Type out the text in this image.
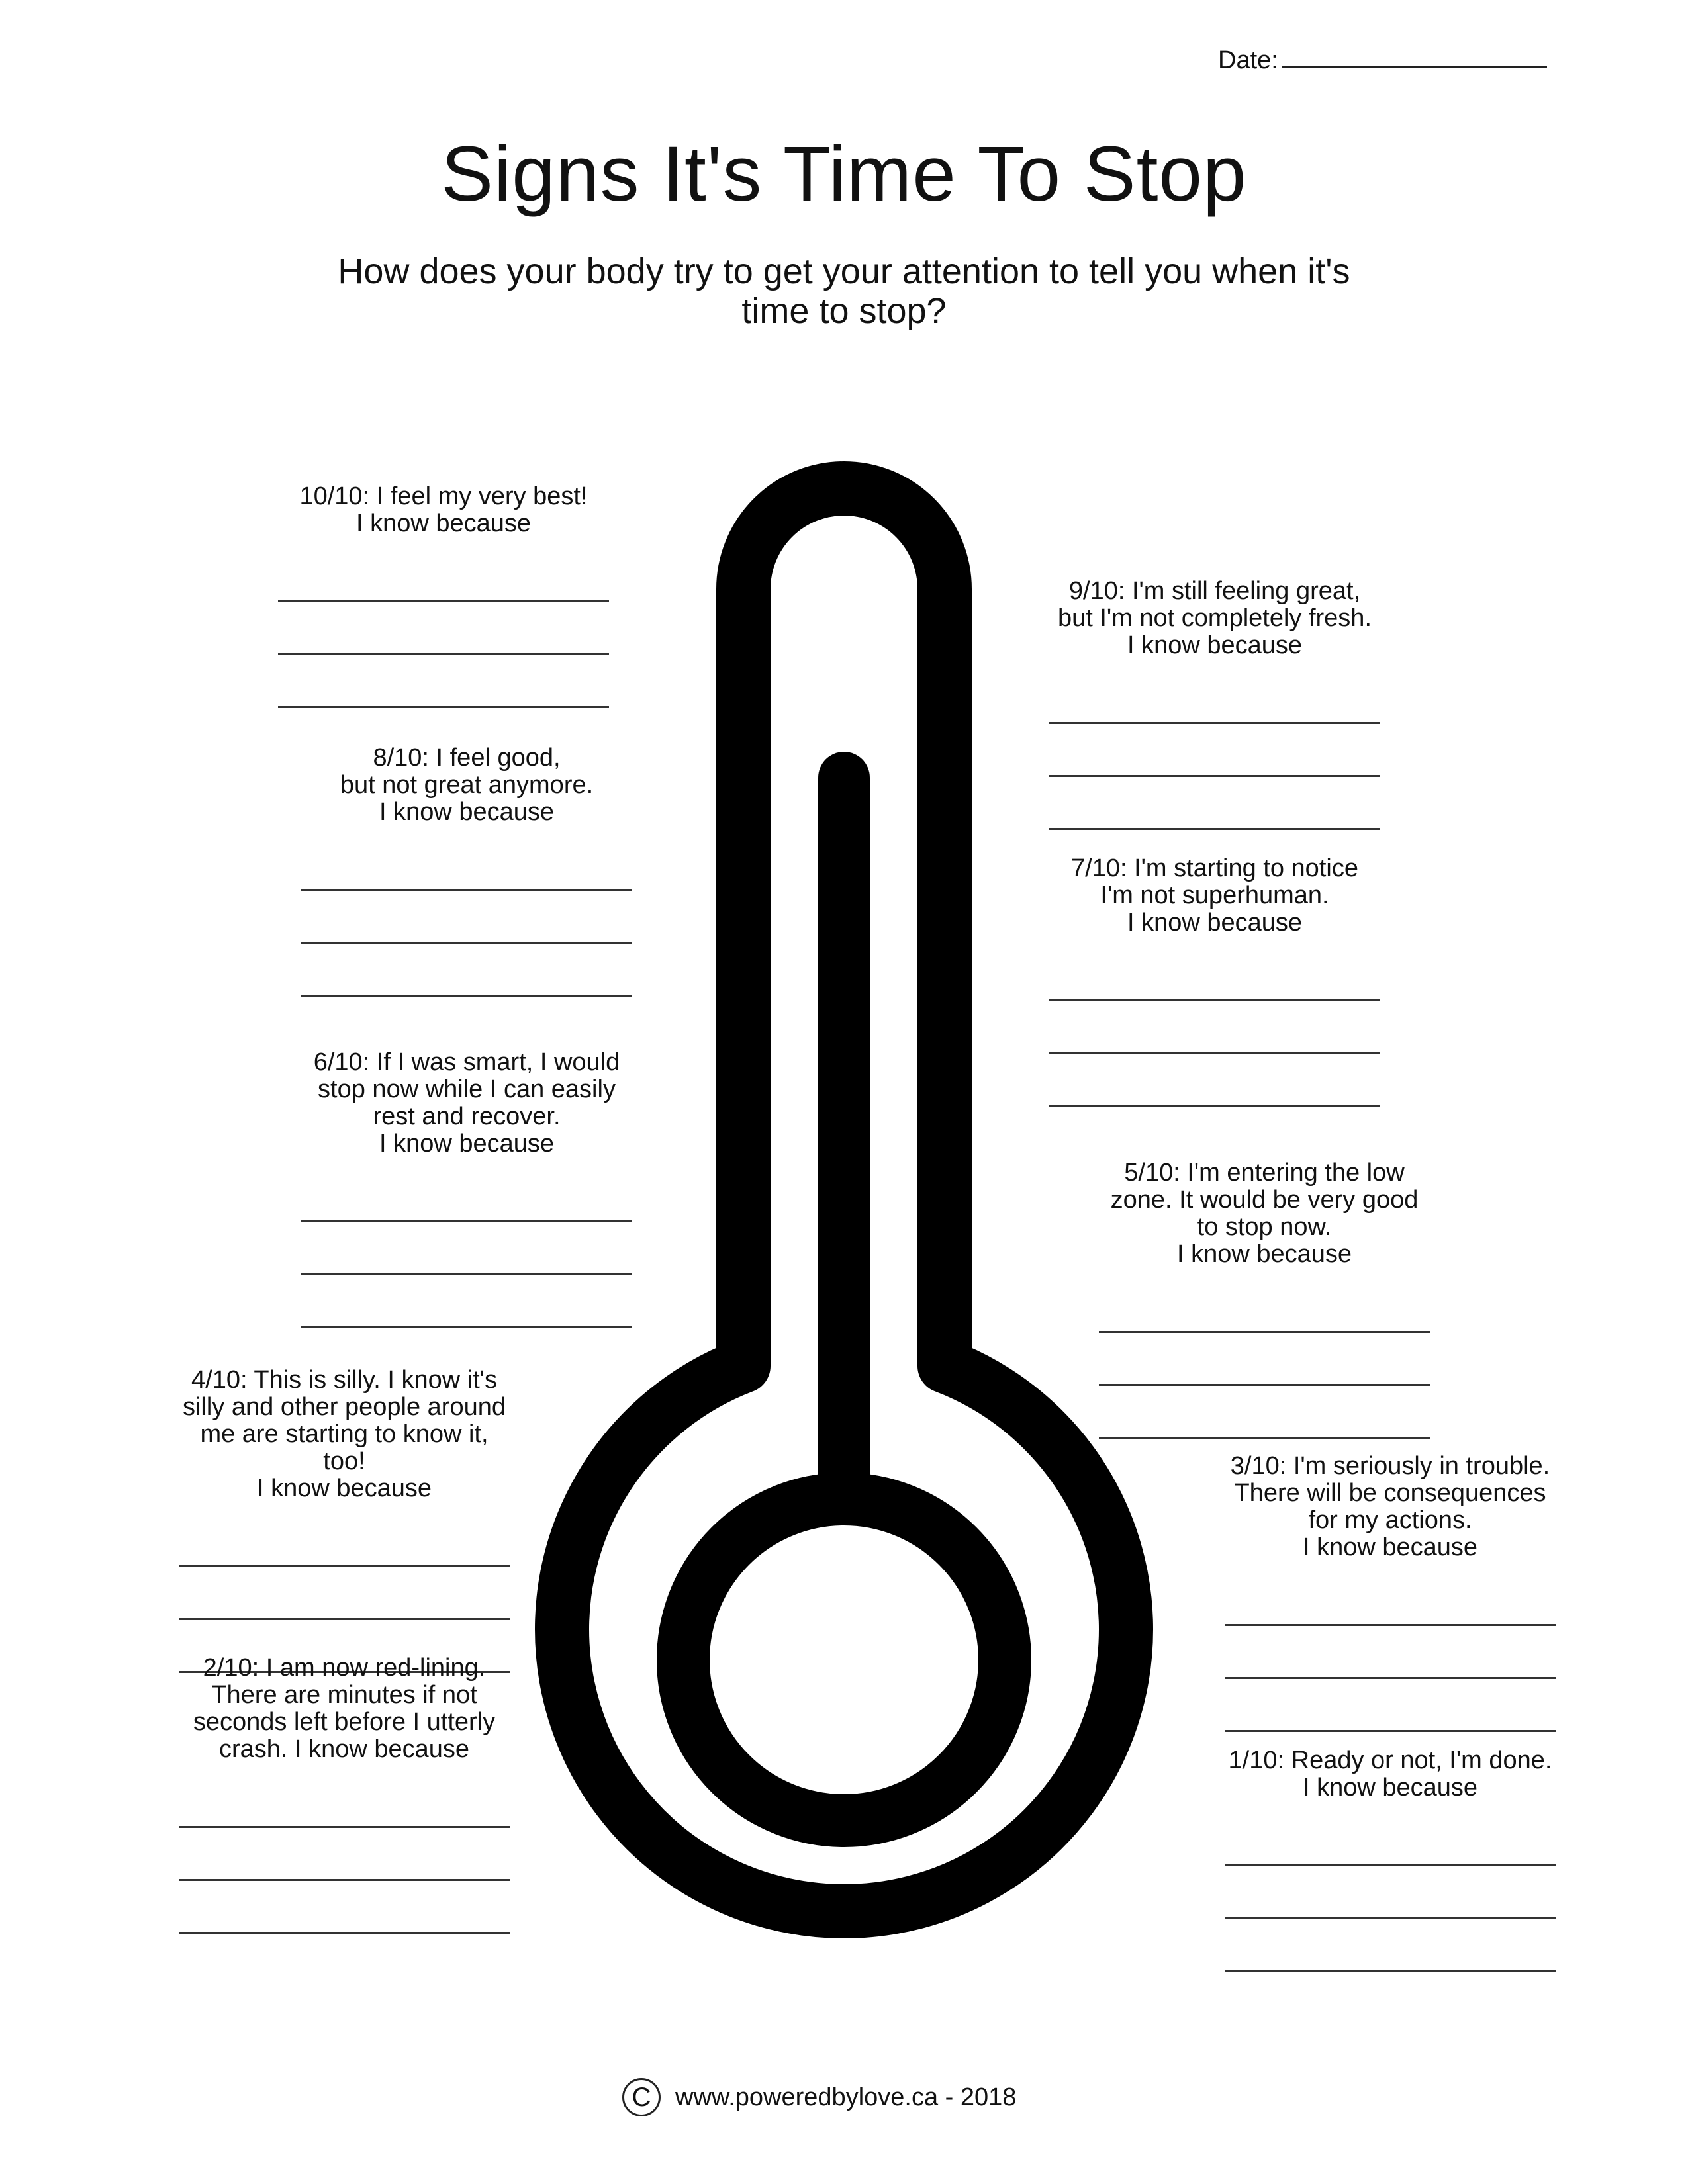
Date:
Signs It's Time To Stop
How does your body try to get your attention to tell you when it's time to stop?
10/10: I feel my very best!
I know because
8/10: I feel good,
but not great anymore.
I know because
6/10: If I was smart, I would
stop now while I can easily
rest and recover.
I know because
4/10: This is silly. I know it's
silly and other people around
me are starting to know it,
too!
I know because
2/10: I am now red-lining.
There are minutes if not
seconds left before I utterly
crash. I know because
9/10: I'm still feeling great,
but I'm not completely fresh.
I know because
7/10: I'm starting to notice
I'm not superhuman.
I know because
5/10: I'm entering the low
zone. It would be very good
to stop now.
I know because
3/10: I'm seriously in trouble.
There will be consequences
for my actions.
I know because
1/10: Ready or not, I'm done.
I know because
C www.poweredbylove.ca - 2018
